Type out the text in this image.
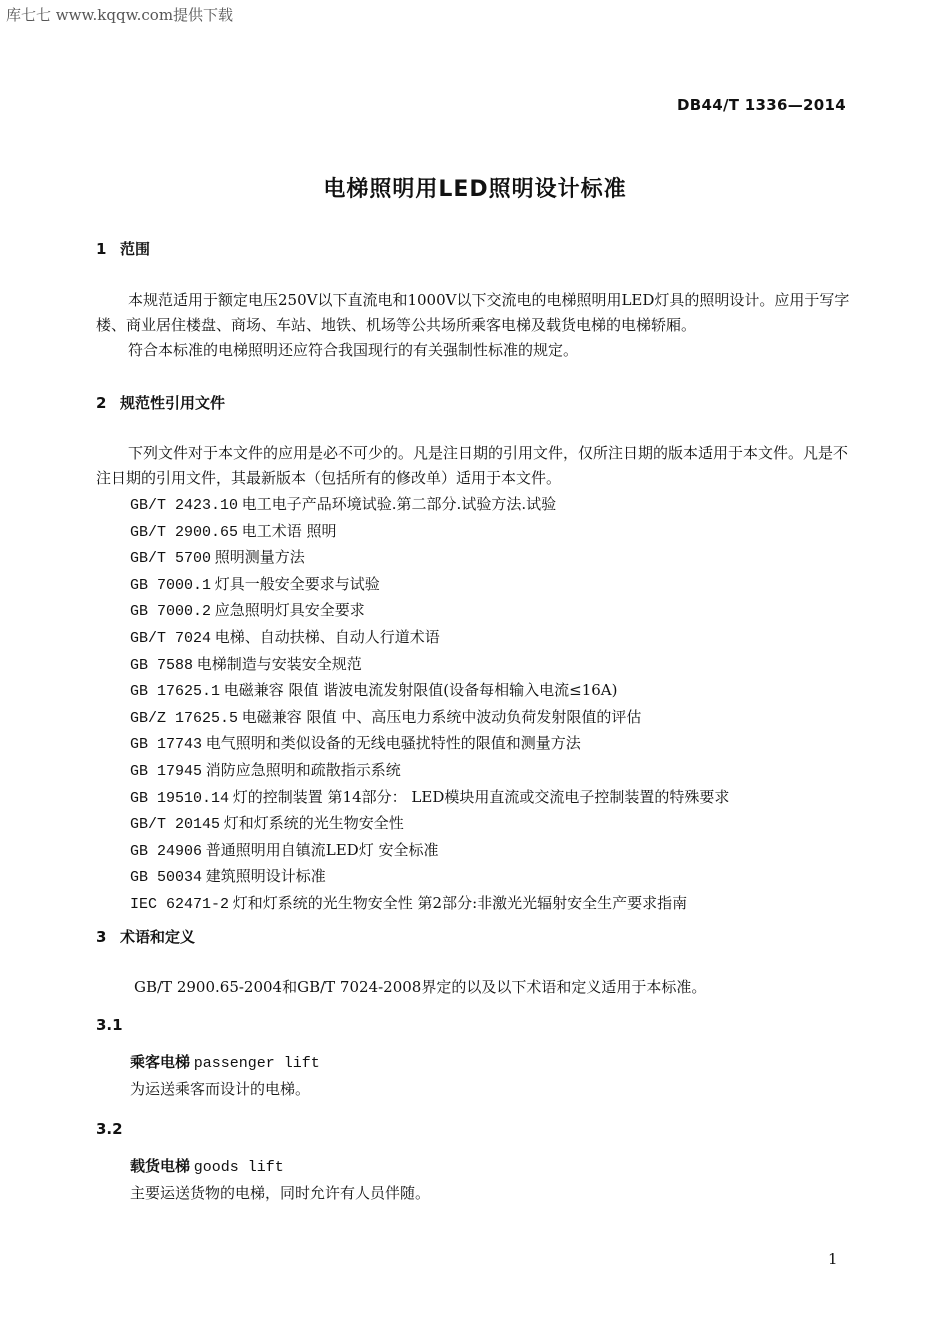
库七七 www.kqqw.com提供下载
DB44/T 1336—2014
电梯照明用LED照明设计标准
1 范围
本规范适用于额定电压250V以下直流电和1000V以下交流电的电梯照明用LED灯具的照明设计。应用于写字楼、商业居住楼盘、商场、车站、地铁、机场等公共场所乘客电梯及载货电梯的电梯轿厢。
符合本标准的电梯照明还应符合我国现行的有关强制性标准的规定。
2 规范性引用文件
下列文件对于本文件的应用是必不可少的。凡是注日期的引用文件，仅所注日期的版本适用于本文件。凡是不注日期的引用文件，其最新版本（包括所有的修改单）适用于本文件。
GB/T 2423.10 电工电子产品环境试验.第二部分.试验方法.试验
GB/T 2900.65 电工术语 照明
GB/T 5700 照明测量方法
GB 7000.1 灯具一般安全要求与试验
GB 7000.2 应急照明灯具安全要求
GB/T 7024 电梯、自动扶梯、自动人行道术语
GB 7588 电梯制造与安装安全规范
GB 17625.1 电磁兼容 限值 谐波电流发射限值(设备每相输入电流≤16A)
GB/Z 17625.5 电磁兼容 限值 中、高压电力系统中波动负荷发射限值的评估
GB 17743 电气照明和类似设备的无线电骚扰特性的限值和测量方法
GB 17945 消防应急照明和疏散指示系统
GB 19510.14 灯的控制装置 第14部分： LED模块用直流或交流电子控制装置的特殊要求
GB/T 20145 灯和灯系统的光生物安全性
GB 24906 普通照明用自镇流LED灯 安全标准
GB 50034 建筑照明设计标准
IEC 62471-2 灯和灯系统的光生物安全性 第2部分:非激光光辐射安全生产要求指南
3 术语和定义
GB/T 2900.65-2004和GB/T 7024-2008界定的以及以下术语和定义适用于本标准。
3.1
乘客电梯 passenger lift
为运送乘客而设计的电梯。
3.2
载货电梯 goods lift
主要运送货物的电梯，同时允许有人员伴随。
1
